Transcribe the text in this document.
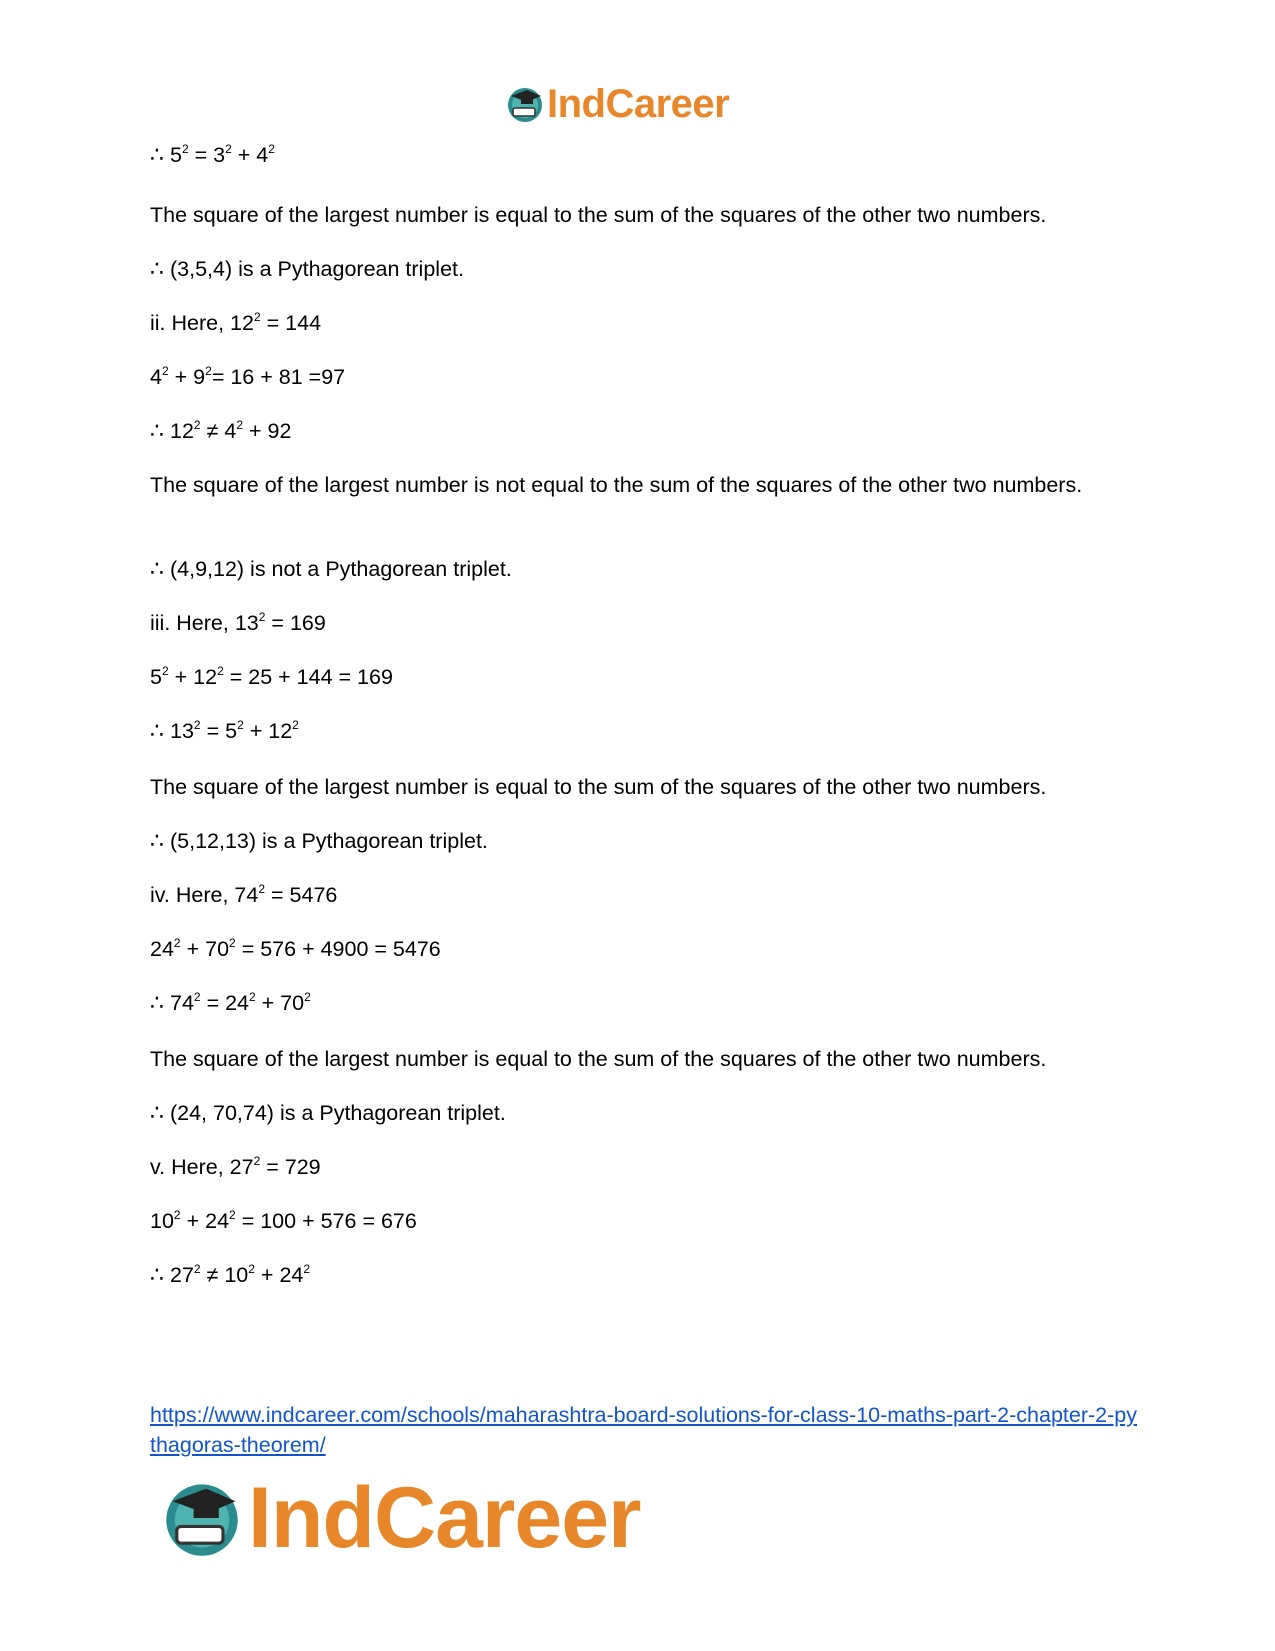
IndCareer
∴ $5^2 = 3^2 + 4^2$
The square of the largest number is equal to the sum of the squares of the other two numbers.
∴ (3,5,4) is a Pythagorean triplet.
ii. Here, $12^2 = 144$
$4^2 + 9^2= 16 + 81 =97$
∴ $12^2 \ne 4^2 + 92$
The square of the largest number is not equal to the sum of the squares of the other two numbers.
∴ (4,9,12) is not a Pythagorean triplet.
iii. Here, $13^2 = 169$
$5^2 + 12^2 = 25 + 144 = 169$
∴ $13^2 = 5^2 + 12^2$
The square of the largest number is equal to the sum of the squares of the other two numbers.
∴ (5,12,13) is a Pythagorean triplet.
iv. Here, $74^2 = 5476$
$24^2 + 70^2 = 576 + 4900 = 5476$
∴ $74^2 = 24^2 + 70^2$
The square of the largest number is equal to the sum of the squares of the other two numbers.
∴ (24, 70,74) is a Pythagorean triplet.
v. Here, $27^2 = 729$
$10^2 + 24^2 = 100 + 576 = 676$
∴ $27^2 \ne 10^2 + 24^2$
https://www.indcareer.com/schools/maharashtra-board-solutions-for-class-10-maths-part-2-chapter-2-pythagoras-theorem/
IndCareer
